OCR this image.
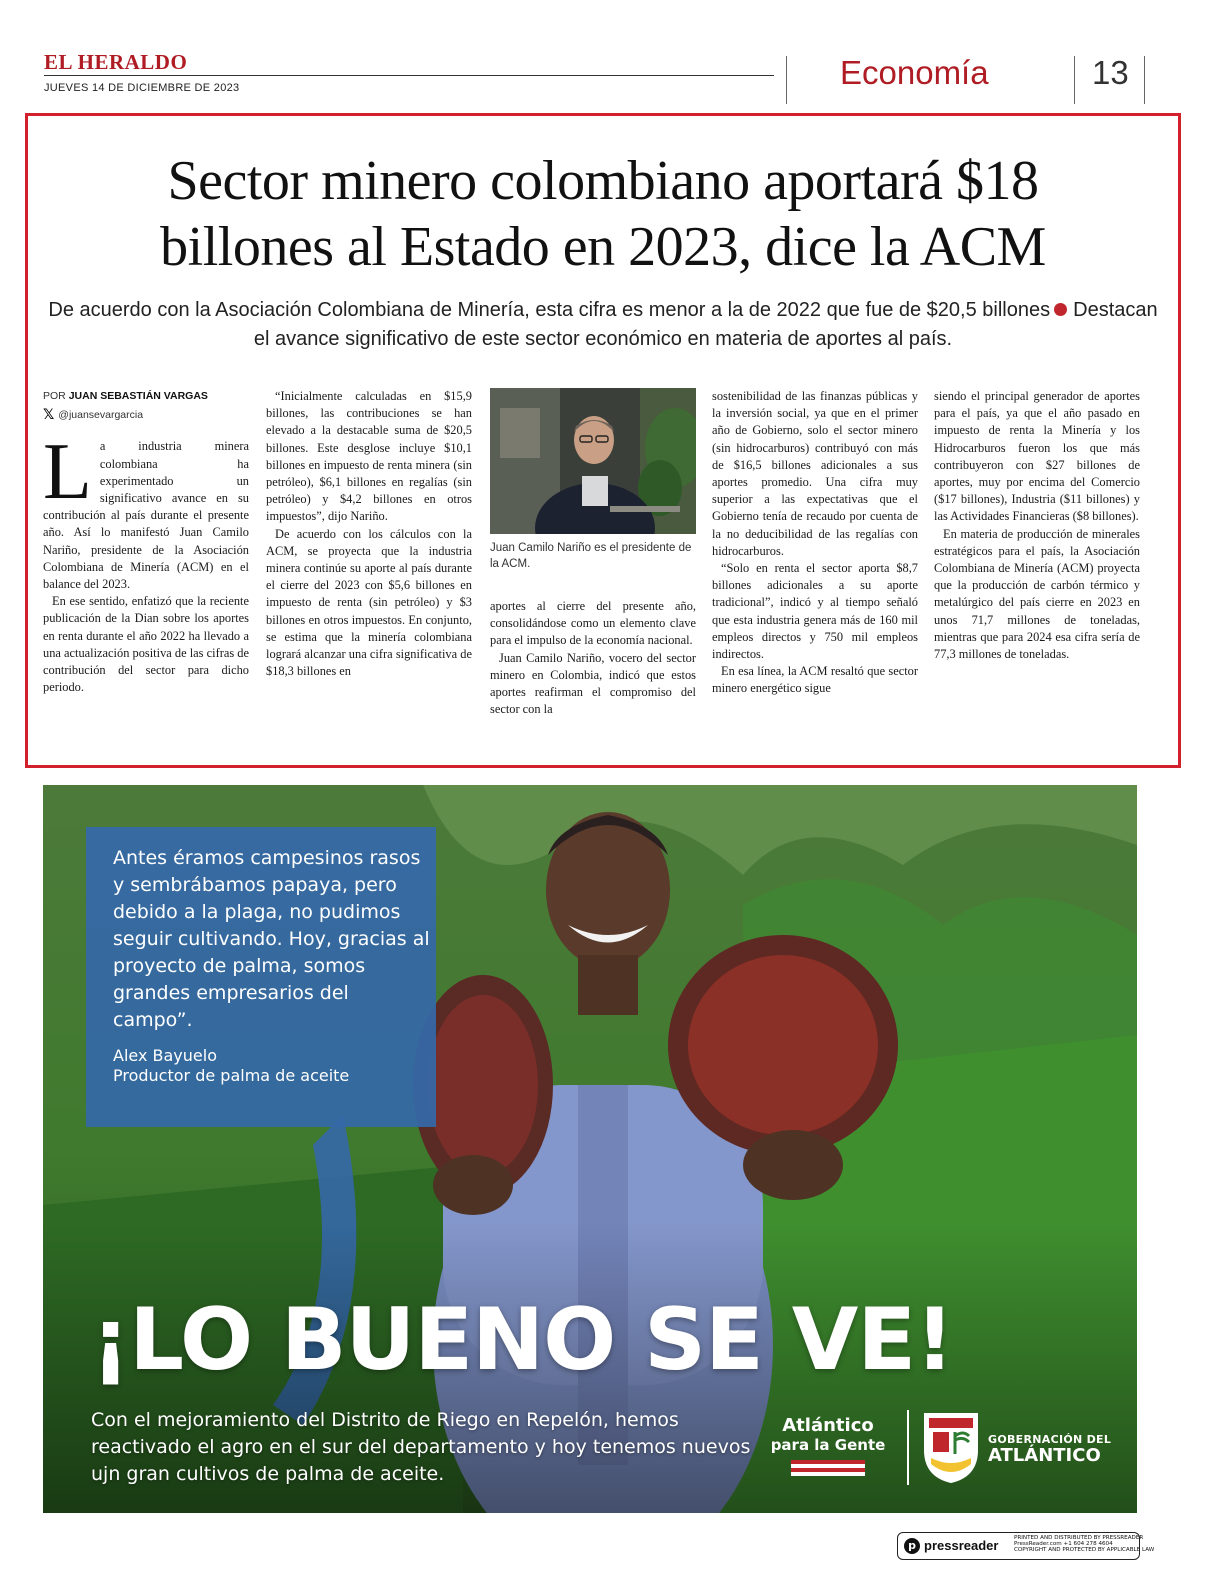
EL HERALDO
JUEVES 14 DE DICIEMBRE DE 2023	Economía	13
Sector minero colombiano aportará $18
billones al Estado en 2023, dice la ACM
De acuerdo con la Asociación Colombiana de Minería, esta cifra es menor a la de 2022 que fue de $20,5 billones Destacan el avance significativo de este sector económico en materia de aportes al país.
POR JUAN SEBASTIÁN VARGAS
𝕏 @juansevargarcia

La industria minera colombiana ha experimentado un significativo avance en su contribución al país durante el presente año. Así lo manifestó Juan Camilo Nariño, presidente de la Asociación Colombiana de Minería (ACM) en el balance del 2023.

En ese sentido, enfatizó que la reciente publicación de la Dian sobre los aportes en renta durante el año 2022 ha llevado a una actualización positiva de las cifras de contribución del sector para dicho periodo.

“Inicialmente calculadas en $15,9 billones, las contribuciones se han elevado a la destacable suma de $20,5 billones. Este desglose incluye $10,1 billones en impuesto de renta minera (sin petróleo), $6,1 billones en regalías (sin petróleo) y $4,2 billones en otros impuestos”, dijo Nariño.

De acuerdo con los cálculos con la ACM, se proyecta que la industria minera continúe su aporte al país durante el cierre del 2023 con $5,6 billones en impuesto de renta (sin petróleo) y $3 billones en otros impuestos. En conjunto, se estima que la minería colombiana logrará alcanzar una cifra significativa de $18,3 billones en

Juan Camilo Nariño es el presidente de la ACM.

aportes al cierre del presente año, consolidándose como un elemento clave para el impulso de la economía nacional.

Juan Camilo Nariño, vocero del sector minero en Colombia, indicó que estos aportes reafirman el compromiso del sector con la

sostenibilidad de las finanzas públicas y la inversión social, ya que en el primer año de Gobierno, solo el sector minero (sin hidrocarburos) contribuyó con más de $16,5 billones adicionales a sus aportes promedio. Una cifra muy superior a las expectativas que el Gobierno tenía de recaudo por cuenta de la no deducibilidad de las regalías con hidrocarburos.

“Solo en renta el sector aporta $8,7 billones adicionales a su aporte tradicional”, indicó y al tiempo señaló que esta industria genera más de 160 mil empleos directos y 750 mil empleos indirectos.

En esa línea, la ACM resaltó que sector minero energético sigue

siendo el principal generador de aportes para el país, ya que el año pasado en impuesto de renta la Minería y los Hidrocarburos fueron los que más contribuyeron con $27 billones de aportes, muy por encima del Comercio ($17 billones), Industria ($11 billones) y las Actividades Financieras ($8 billones).

En materia de producción de minerales estratégicos para el país, la Asociación Colombiana de Minería (ACM) proyecta que la producción de carbón térmico y metalúrgico del país cierre en 2023 en unos 71,7 millones de toneladas, mientras que para 2024 esa cifra sería de 77,3 millones de toneladas.

Antes éramos campesinos rasos y sembrábamos papaya, pero debido a la plaga, no pudimos seguir cultivando. Hoy, gracias al proyecto de palma, somos grandes empresarios del campo”.
Alex Bayuelo
Productor de palma de aceite
¡LO BUENO SE VE!
Con el mejoramiento del Distrito de Riego en Repelón, hemos reactivado el agro en el sur del departamento y hoy tenemos nuevos ujn gran cultivos de palma de aceite.
Atlántico
para la Gente	GOBERNACIÓN DEL
ATLÁNTICO
p pressreader	PRINTED AND DISTRIBUTED BY PRESSREADER
PressReader.com +1 604 278 4604
COPYRIGHT AND PROTECTED BY APPLICABLE LAW
